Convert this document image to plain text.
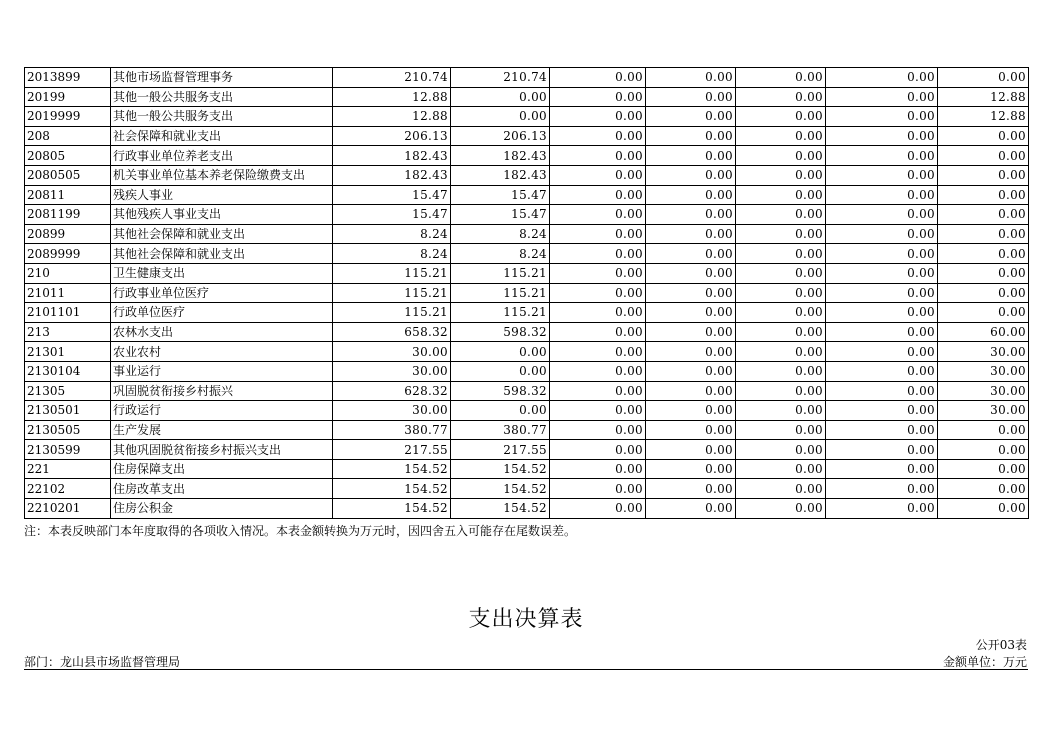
2013899	其他市场监督管理事务	210.74	210.74	0.00	0.00	0.00	0.00	0.00
20199	其他一般公共服务支出	12.88	0.00	0.00	0.00	0.00	0.00	12.88
2019999	其他一般公共服务支出	12.88	0.00	0.00	0.00	0.00	0.00	12.88
208	社会保障和就业支出	206.13	206.13	0.00	0.00	0.00	0.00	0.00
20805	行政事业单位养老支出	182.43	182.43	0.00	0.00	0.00	0.00	0.00
2080505	机关事业单位基本养老保险缴费支出	182.43	182.43	0.00	0.00	0.00	0.00	0.00
20811	残疾人事业	15.47	15.47	0.00	0.00	0.00	0.00	0.00
2081199	其他残疾人事业支出	15.47	15.47	0.00	0.00	0.00	0.00	0.00
20899	其他社会保障和就业支出	8.24	8.24	0.00	0.00	0.00	0.00	0.00
2089999	其他社会保障和就业支出	8.24	8.24	0.00	0.00	0.00	0.00	0.00
210	卫生健康支出	115.21	115.21	0.00	0.00	0.00	0.00	0.00
21011	行政事业单位医疗	115.21	115.21	0.00	0.00	0.00	0.00	0.00
2101101	行政单位医疗	115.21	115.21	0.00	0.00	0.00	0.00	0.00
213	农林水支出	658.32	598.32	0.00	0.00	0.00	0.00	60.00
21301	农业农村	30.00	0.00	0.00	0.00	0.00	0.00	30.00
2130104	事业运行	30.00	0.00	0.00	0.00	0.00	0.00	30.00
21305	巩固脱贫衔接乡村振兴	628.32	598.32	0.00	0.00	0.00	0.00	30.00
2130501	行政运行	30.00	0.00	0.00	0.00	0.00	0.00	30.00
2130505	生产发展	380.77	380.77	0.00	0.00	0.00	0.00	0.00
2130599	其他巩固脱贫衔接乡村振兴支出	217.55	217.55	0.00	0.00	0.00	0.00	0.00
221	住房保障支出	154.52	154.52	0.00	0.00	0.00	0.00	0.00
22102	住房改革支出	154.52	154.52	0.00	0.00	0.00	0.00	0.00
2210201	住房公积金	154.52	154.52	0.00	0.00	0.00	0.00	0.00
注：本表反映部门本年度取得的各项收入情况。本表金额转换为万元时，因四舍五入可能存在尾数误差。
支出决算表
公开03表
部门：龙山县市场监督管理局	金额单位：万元
